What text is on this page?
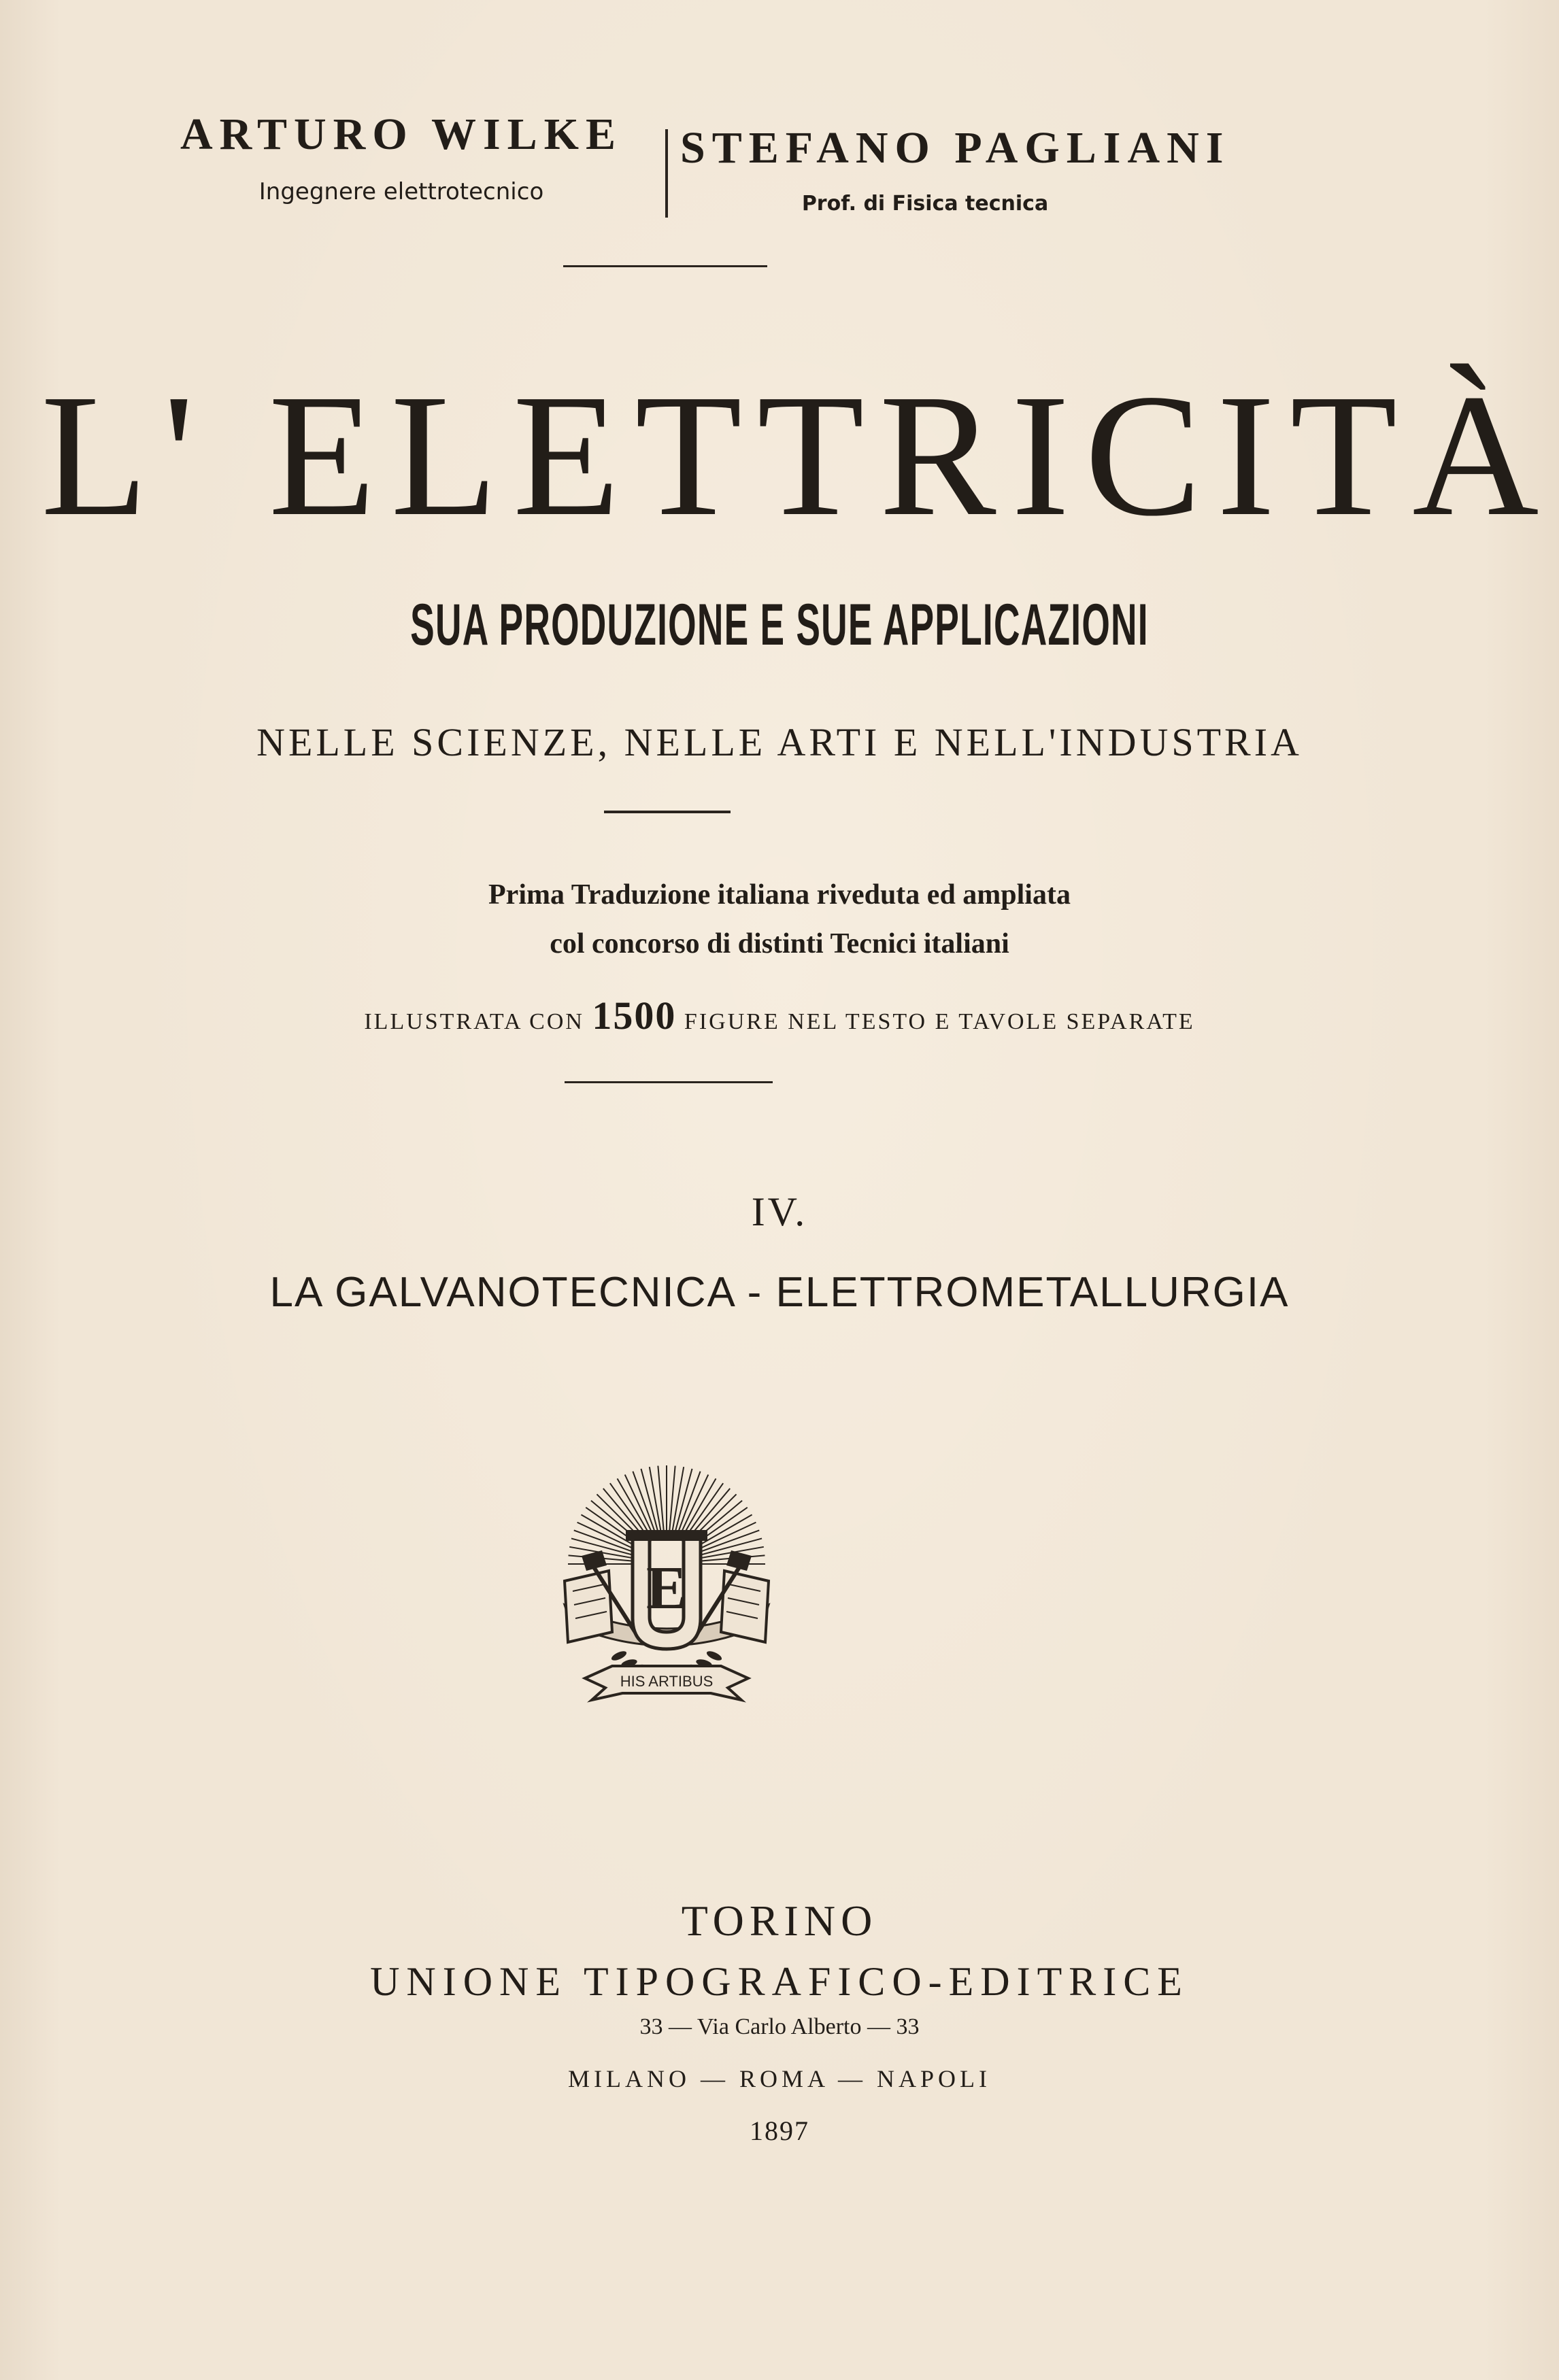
ARTURO WILKE
Ingegnere elettrotecnico
STEFANO PAGLIANI
Prof. di Fisica tecnica
L' ELETTRICITÀ
SUA PRODUZIONE E SUE APPLICAZIONI
NELLE SCIENZE, NELLE ARTI E NELL'INDUSTRIA
Prima Traduzione italiana riveduta ed ampliata
col concorso di distinti Tecnici italiani
ILLUSTRATA CON 1500 FIGURE NEL TESTO E TAVOLE SEPARATE
IV.
LA GALVANOTECNICA - ELETTROMETALLURGIA
E
HIS ARTIBUS
TORINO
UNIONE TIPOGRAFICO-EDITRICE
33 — Via Carlo Alberto — 33
MILANO — ROMA — NAPOLI
1897
